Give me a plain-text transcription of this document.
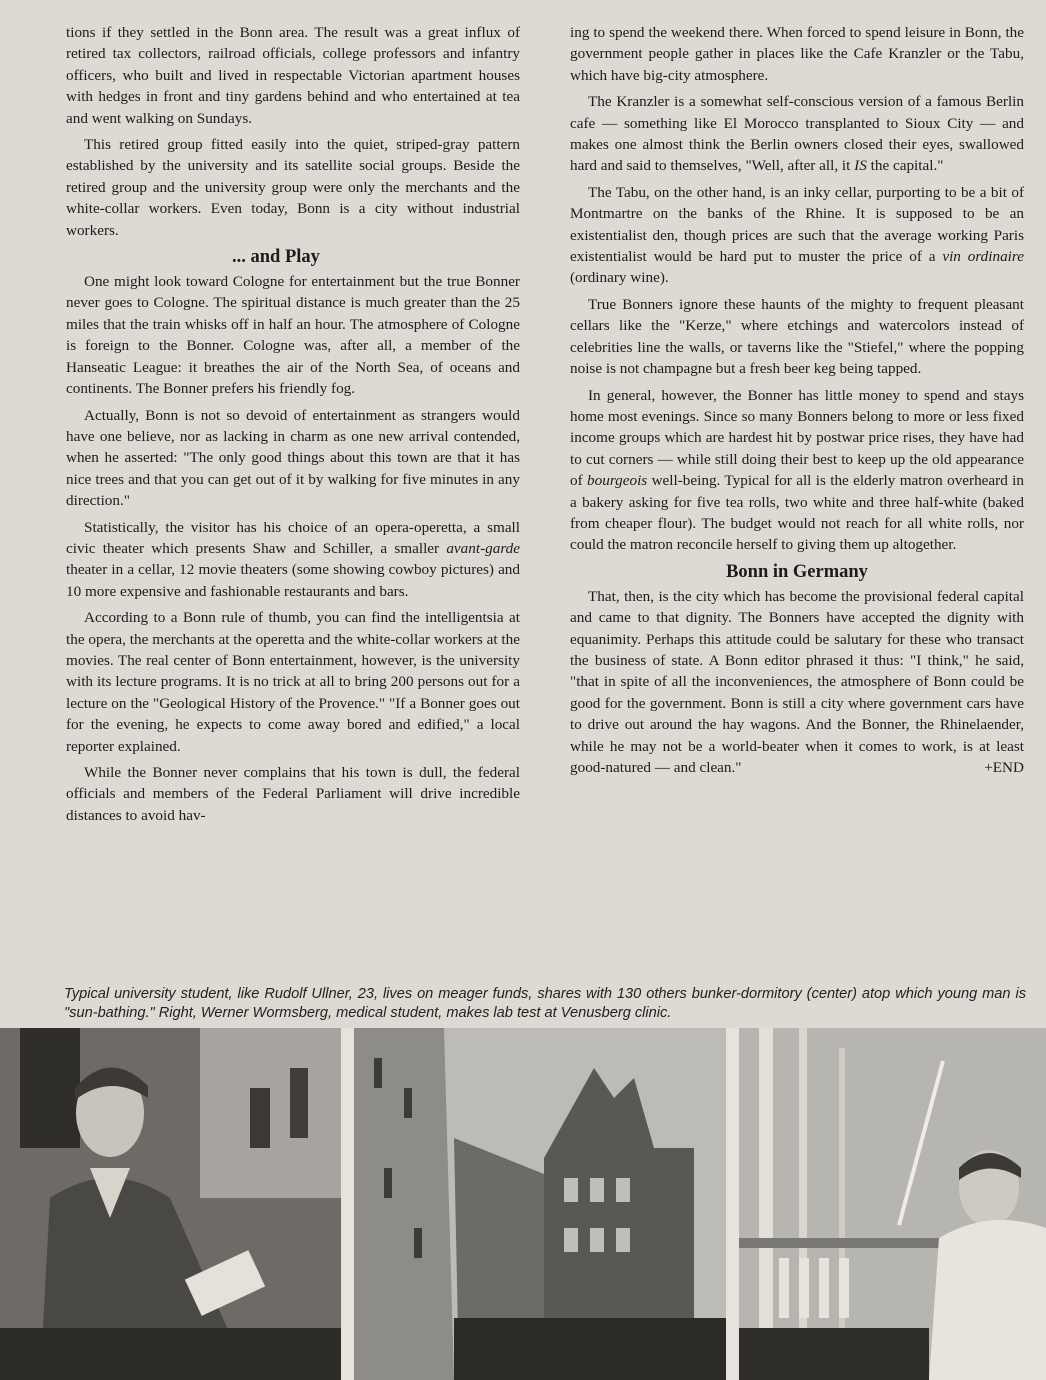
tions if they settled in the Bonn area. The result was a great influx of retired tax collectors, railroad officials, college professors and infantry officers, who built and lived in respectable Victorian apartment houses with hedges in front and tiny gardens behind and who entertained at tea and went walking on Sundays.

This retired group fitted easily into the quiet, striped-gray pattern established by the university and its satellite social groups. Beside the retired group and the university group were only the merchants and the white-collar workers. Even today, Bonn is a city without industrial workers.

... and Play

One might look toward Cologne for entertainment but the true Bonner never goes to Cologne. The spiritual distance is much greater than the 25 miles that the train whisks off in half an hour. The atmosphere of Cologne is foreign to the Bonner. Cologne was, after all, a member of the Hanseatic League: it breathes the air of the North Sea, of oceans and continents. The Bonner prefers his friendly fog.

Actually, Bonn is not so devoid of entertainment as strangers would have one believe, nor as lacking in charm as one new arrival contended, when he asserted: "The only good things about this town are that it has nice trees and that you can get out of it by walking for five minutes in any direction."

Statistically, the visitor has his choice of an opera-operetta, a small civic theater which presents Shaw and Schiller, a smaller avant-garde theater in a cellar, 12 movie theaters (some showing cowboy pictures) and 10 more expensive and fashionable restaurants and bars.

According to a Bonn rule of thumb, you can find the intelligentsia at the opera, the merchants at the operetta and the white-collar workers at the movies. The real center of Bonn entertainment, however, is the university with its lecture programs. It is no trick at all to bring 200 persons out for a lecture on the "Geological History of the Provence." "If a Bonner goes out for the evening, he expects to come away bored and edified," a local reporter explained.

While the Bonner never complains that his town is dull, the federal officials and members of the Federal Parliament will drive incredible distances to avoid hav-

ing to spend the weekend there. When forced to spend leisure in Bonn, the government people gather in places like the Cafe Kranzler or the Tabu, which have big-city atmosphere.

The Kranzler is a somewhat self-conscious version of a famous Berlin cafe — something like El Morocco transplanted to Sioux City — and makes one almost think the Berlin owners closed their eyes, swallowed hard and said to themselves, "Well, after all, it IS the capital."

The Tabu, on the other hand, is an inky cellar, purporting to be a bit of Montmartre on the banks of the Rhine. It is supposed to be an existentialist den, though prices are such that the average working Paris existentialist would be hard put to muster the price of a vin ordinaire (ordinary wine).

True Bonners ignore these haunts of the mighty to frequent pleasant cellars like the "Kerze," where etchings and watercolors instead of celebrities line the walls, or taverns like the "Stiefel," where the popping noise is not champagne but a fresh beer keg being tapped.

In general, however, the Bonner has little money to spend and stays home most evenings. Since so many Bonners belong to more or less fixed income groups which are hardest hit by postwar price rises, they have had to cut corners — while still doing their best to keep up the old appearance of bourgeois well-being. Typical for all is the elderly matron overheard in a bakery asking for five tea rolls, two white and three half-white (baked from cheaper flour). The budget would not reach for all white rolls, nor could the matron reconcile herself to giving them up altogether.

Bonn in Germany

That, then, is the city which has become the provisional federal capital and came to that dignity. The Bonners have accepted the dignity with equanimity. Perhaps this attitude could be salutary for these who transact the business of state. A Bonn editor phrased it thus: "I think," he said, "that in spite of all the inconveniences, the atmosphere of Bonn could be good for the government. Bonn is still a city where government cars have to drive out around the hay wagons. And the Bonner, the Rhinelaender, while he may not be a world-beater when it comes to work, is at least good-natured — and clean."	+END

Typical university student, like Rudolf Ullner, 23, lives on meager funds, shares with 130 others bunker-dormitory (center) atop which young man is "sun-bathing." Right, Werner Wormsberg, medical student, makes lab test at Venusberg clinic.
